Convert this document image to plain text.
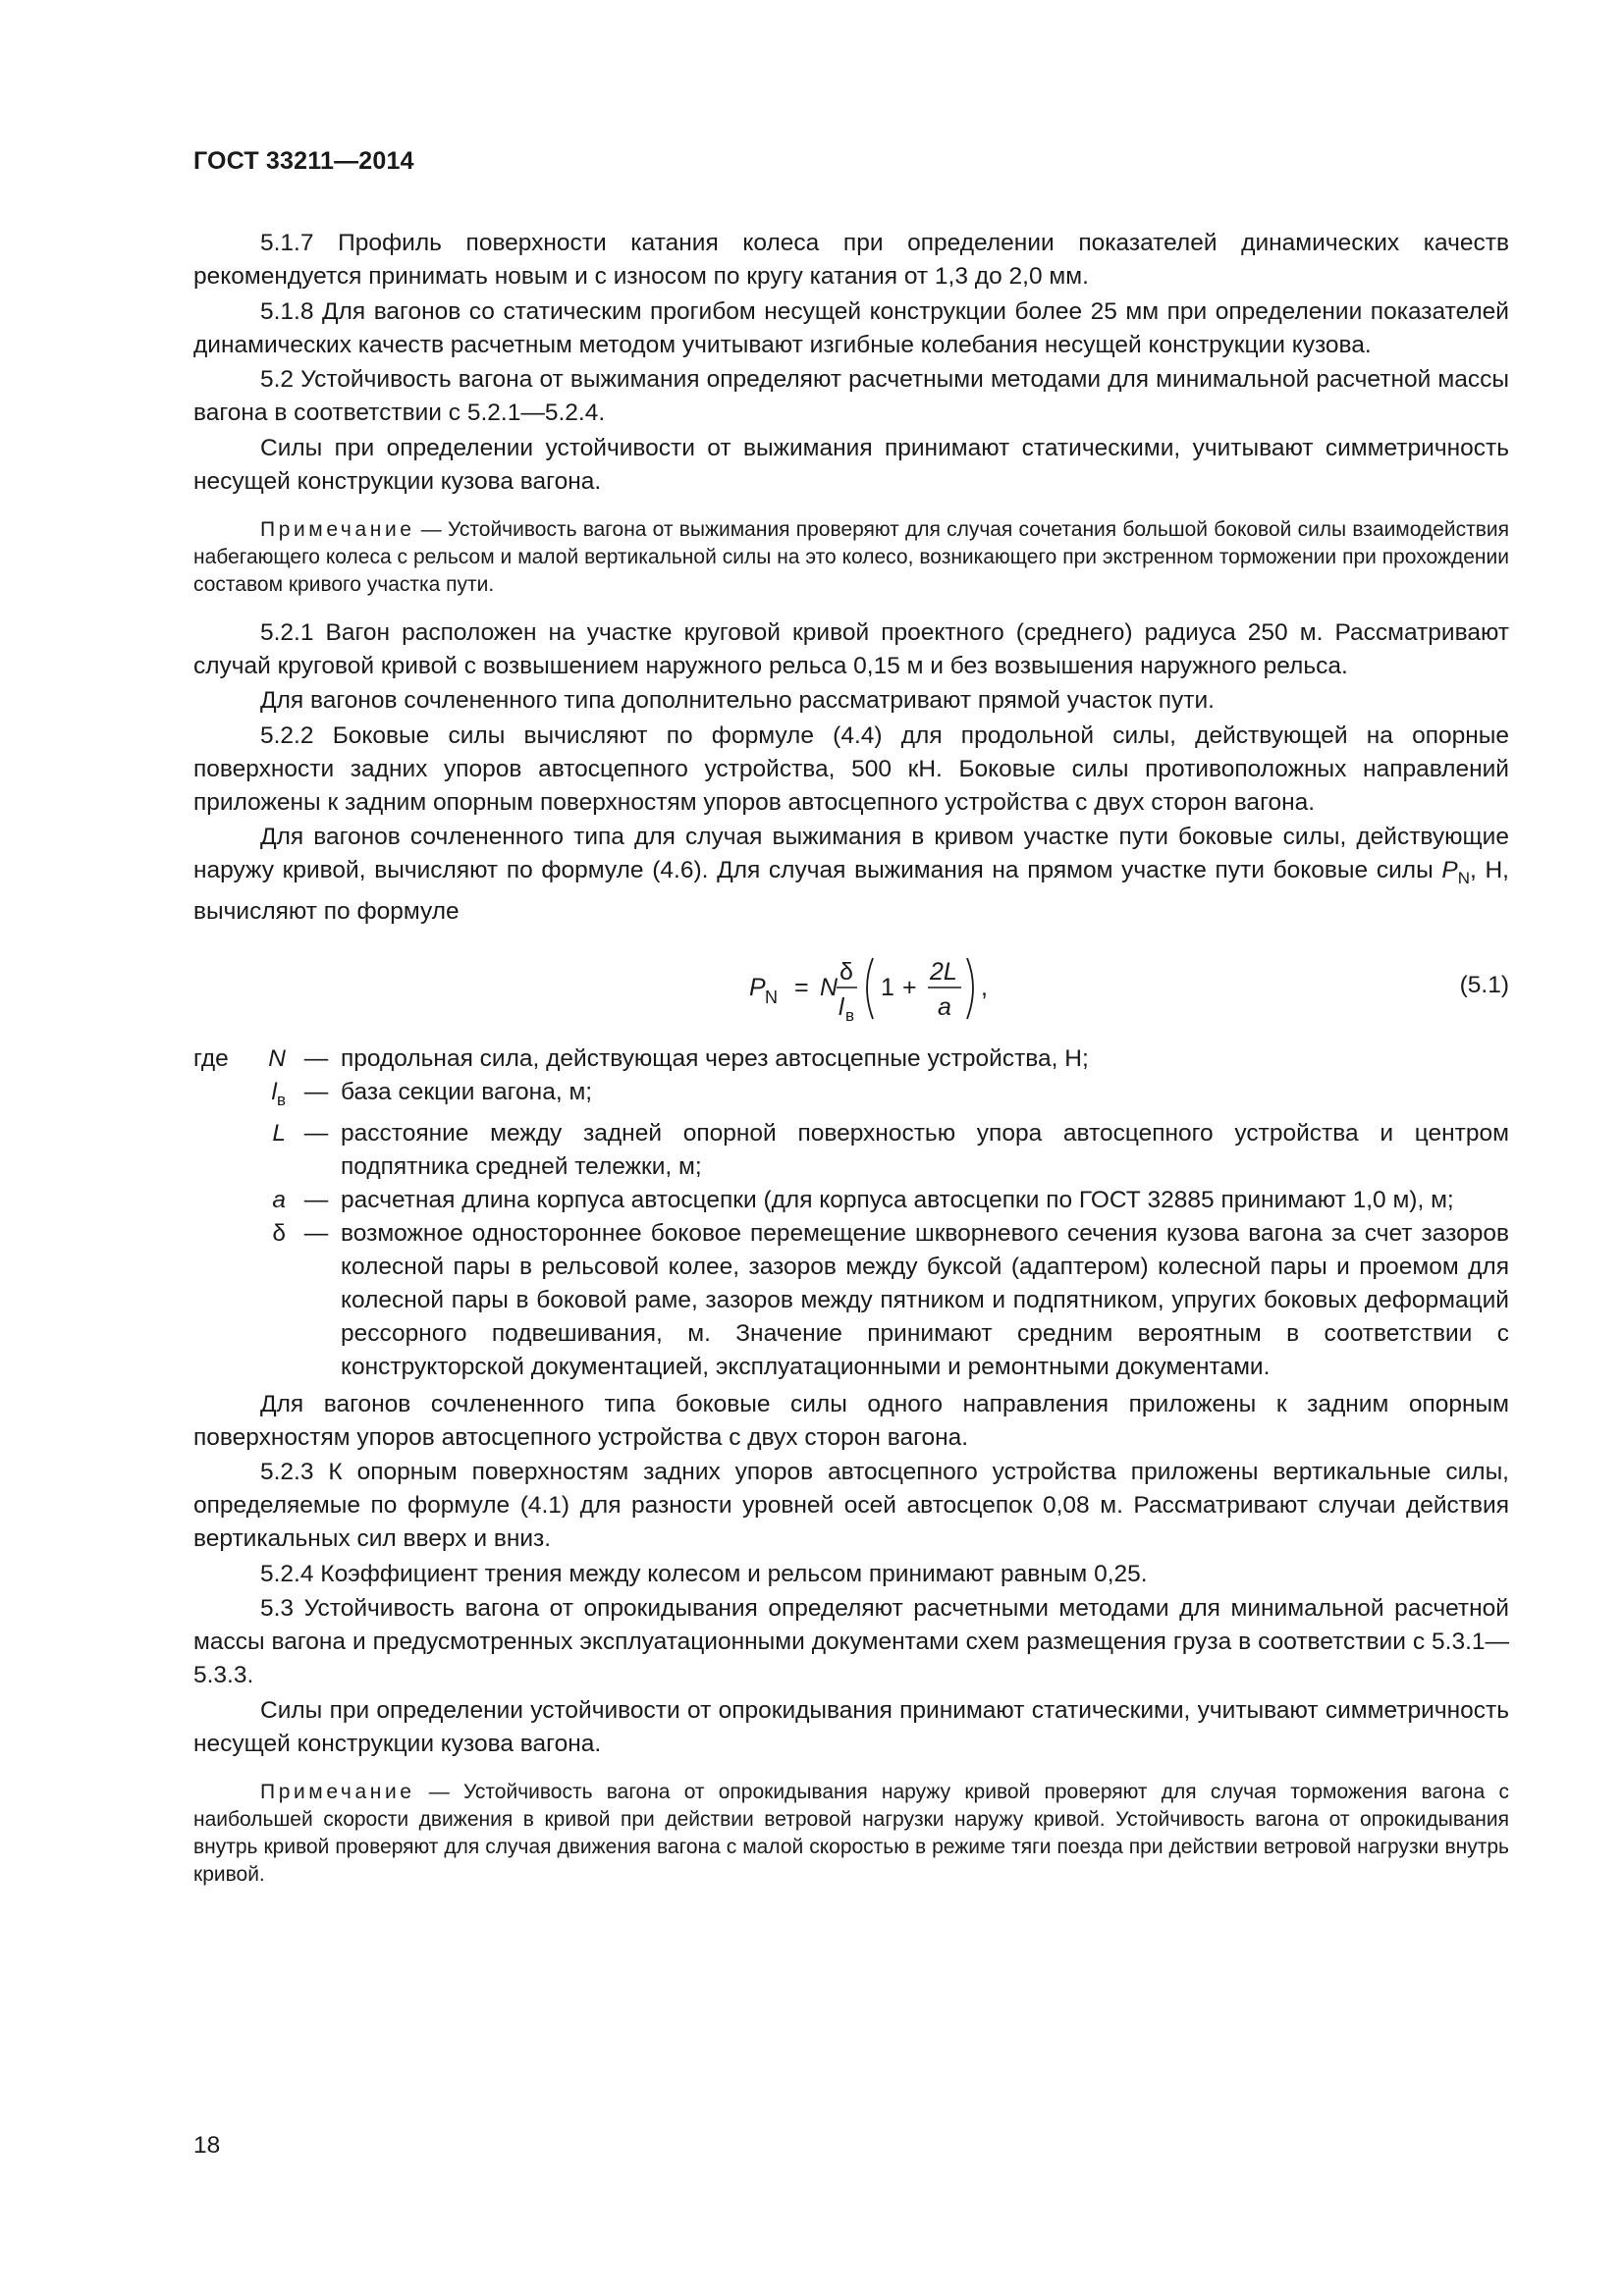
ГОСТ 33211—2014
5.1.7 Профиль поверхности катания колеса при определении показателей динамических качеств рекомендуется принимать новым и с износом по кругу катания от 1,3 до 2,0 мм.
5.1.8 Для вагонов со статическим прогибом несущей конструкции более 25 мм при определении показателей динамических качеств расчетным методом учитывают изгибные колебания несущей конструкции кузова.
5.2 Устойчивость вагона от выжимания определяют расчетными методами для минимальной расчетной массы вагона в соответствии с 5.2.1—5.2.4.
Силы при определении устойчивости от выжимания принимают статическими, учитывают симметричность несущей конструкции кузова вагона.
Примечание — Устойчивость вагона от выжимания проверяют для случая сочетания большой боковой силы взаимодействия набегающего колеса с рельсом и малой вертикальной силы на это колесо, возникающего при экстренном торможении при прохождении составом кривого участка пути.
5.2.1 Вагон расположен на участке круговой кривой проектного (среднего) радиуса 250 м. Рассматривают случай круговой кривой с возвышением наружного рельса 0,15 м и без возвышения наружного рельса.
Для вагонов сочлененного типа дополнительно рассматривают прямой участок пути.
5.2.2 Боковые силы вычисляют по формуле (4.4) для продольной силы, действующей на опорные поверхности задних упоров автосцепного устройства, 500 кН. Боковые силы противоположных направлений приложены к задним опорным поверхностям упоров автосцепного устройства с двух сторон вагона.
Для вагонов сочлененного типа для случая выжимания в кривом участке пути боковые силы, действующие наружу кривой, вычисляют по формуле (4.6). Для случая выжимания на прямом участке пути боковые силы $P_N$, Н, вычисляют по формуле
P N = N
δ
l в
1 +
2L
a
,	(5.1)
где	N — продольная сила, действующая через автосцепные устройства, Н;
$l_в$ — база секции вагона, м;
L — расстояние между задней опорной поверхностью упора автосцепного устройства и центром подпятника средней тележки, м;
a — расчетная длина корпуса автосцепки (для корпуса автосцепки по ГОСТ 32885 принимают 1,0 м), м;
δ — возможное одностороннее боковое перемещение шкворневого сечения кузова вагона за счет зазоров колесной пары в рельсовой колее, зазоров между буксой (адаптером) колесной пары и проемом для колесной пары в боковой раме, зазоров между пятником и подпятником, упругих боковых деформаций рессорного подвешивания, м. Значение принимают средним вероятным в соответствии с конструкторской документацией, эксплуатационными и ремонтными документами.
Для вагонов сочлененного типа боковые силы одного направления приложены к задним опорным поверхностям упоров автосцепного устройства с двух сторон вагона.
5.2.3 К опорным поверхностям задних упоров автосцепного устройства приложены вертикальные силы, определяемые по формуле (4.1) для разности уровней осей автосцепок 0,08 м. Рассматривают случаи действия вертикальных сил вверх и вниз.
5.2.4 Коэффициент трения между колесом и рельсом принимают равным 0,25.
5.3 Устойчивость вагона от опрокидывания определяют расчетными методами для минимальной расчетной массы вагона и предусмотренных эксплуатационными документами схем размещения груза в соответствии с 5.3.1—5.3.3.
Силы при определении устойчивости от опрокидывания принимают статическими, учитывают симметричность несущей конструкции кузова вагона.
Примечание — Устойчивость вагона от опрокидывания наружу кривой проверяют для случая торможения вагона с наибольшей скорости движения в кривой при действии ветровой нагрузки наружу кривой. Устойчивость вагона от опрокидывания внутрь кривой проверяют для случая движения вагона с малой скоростью в режиме тяги поезда при действии ветровой нагрузки внутрь кривой.
18
